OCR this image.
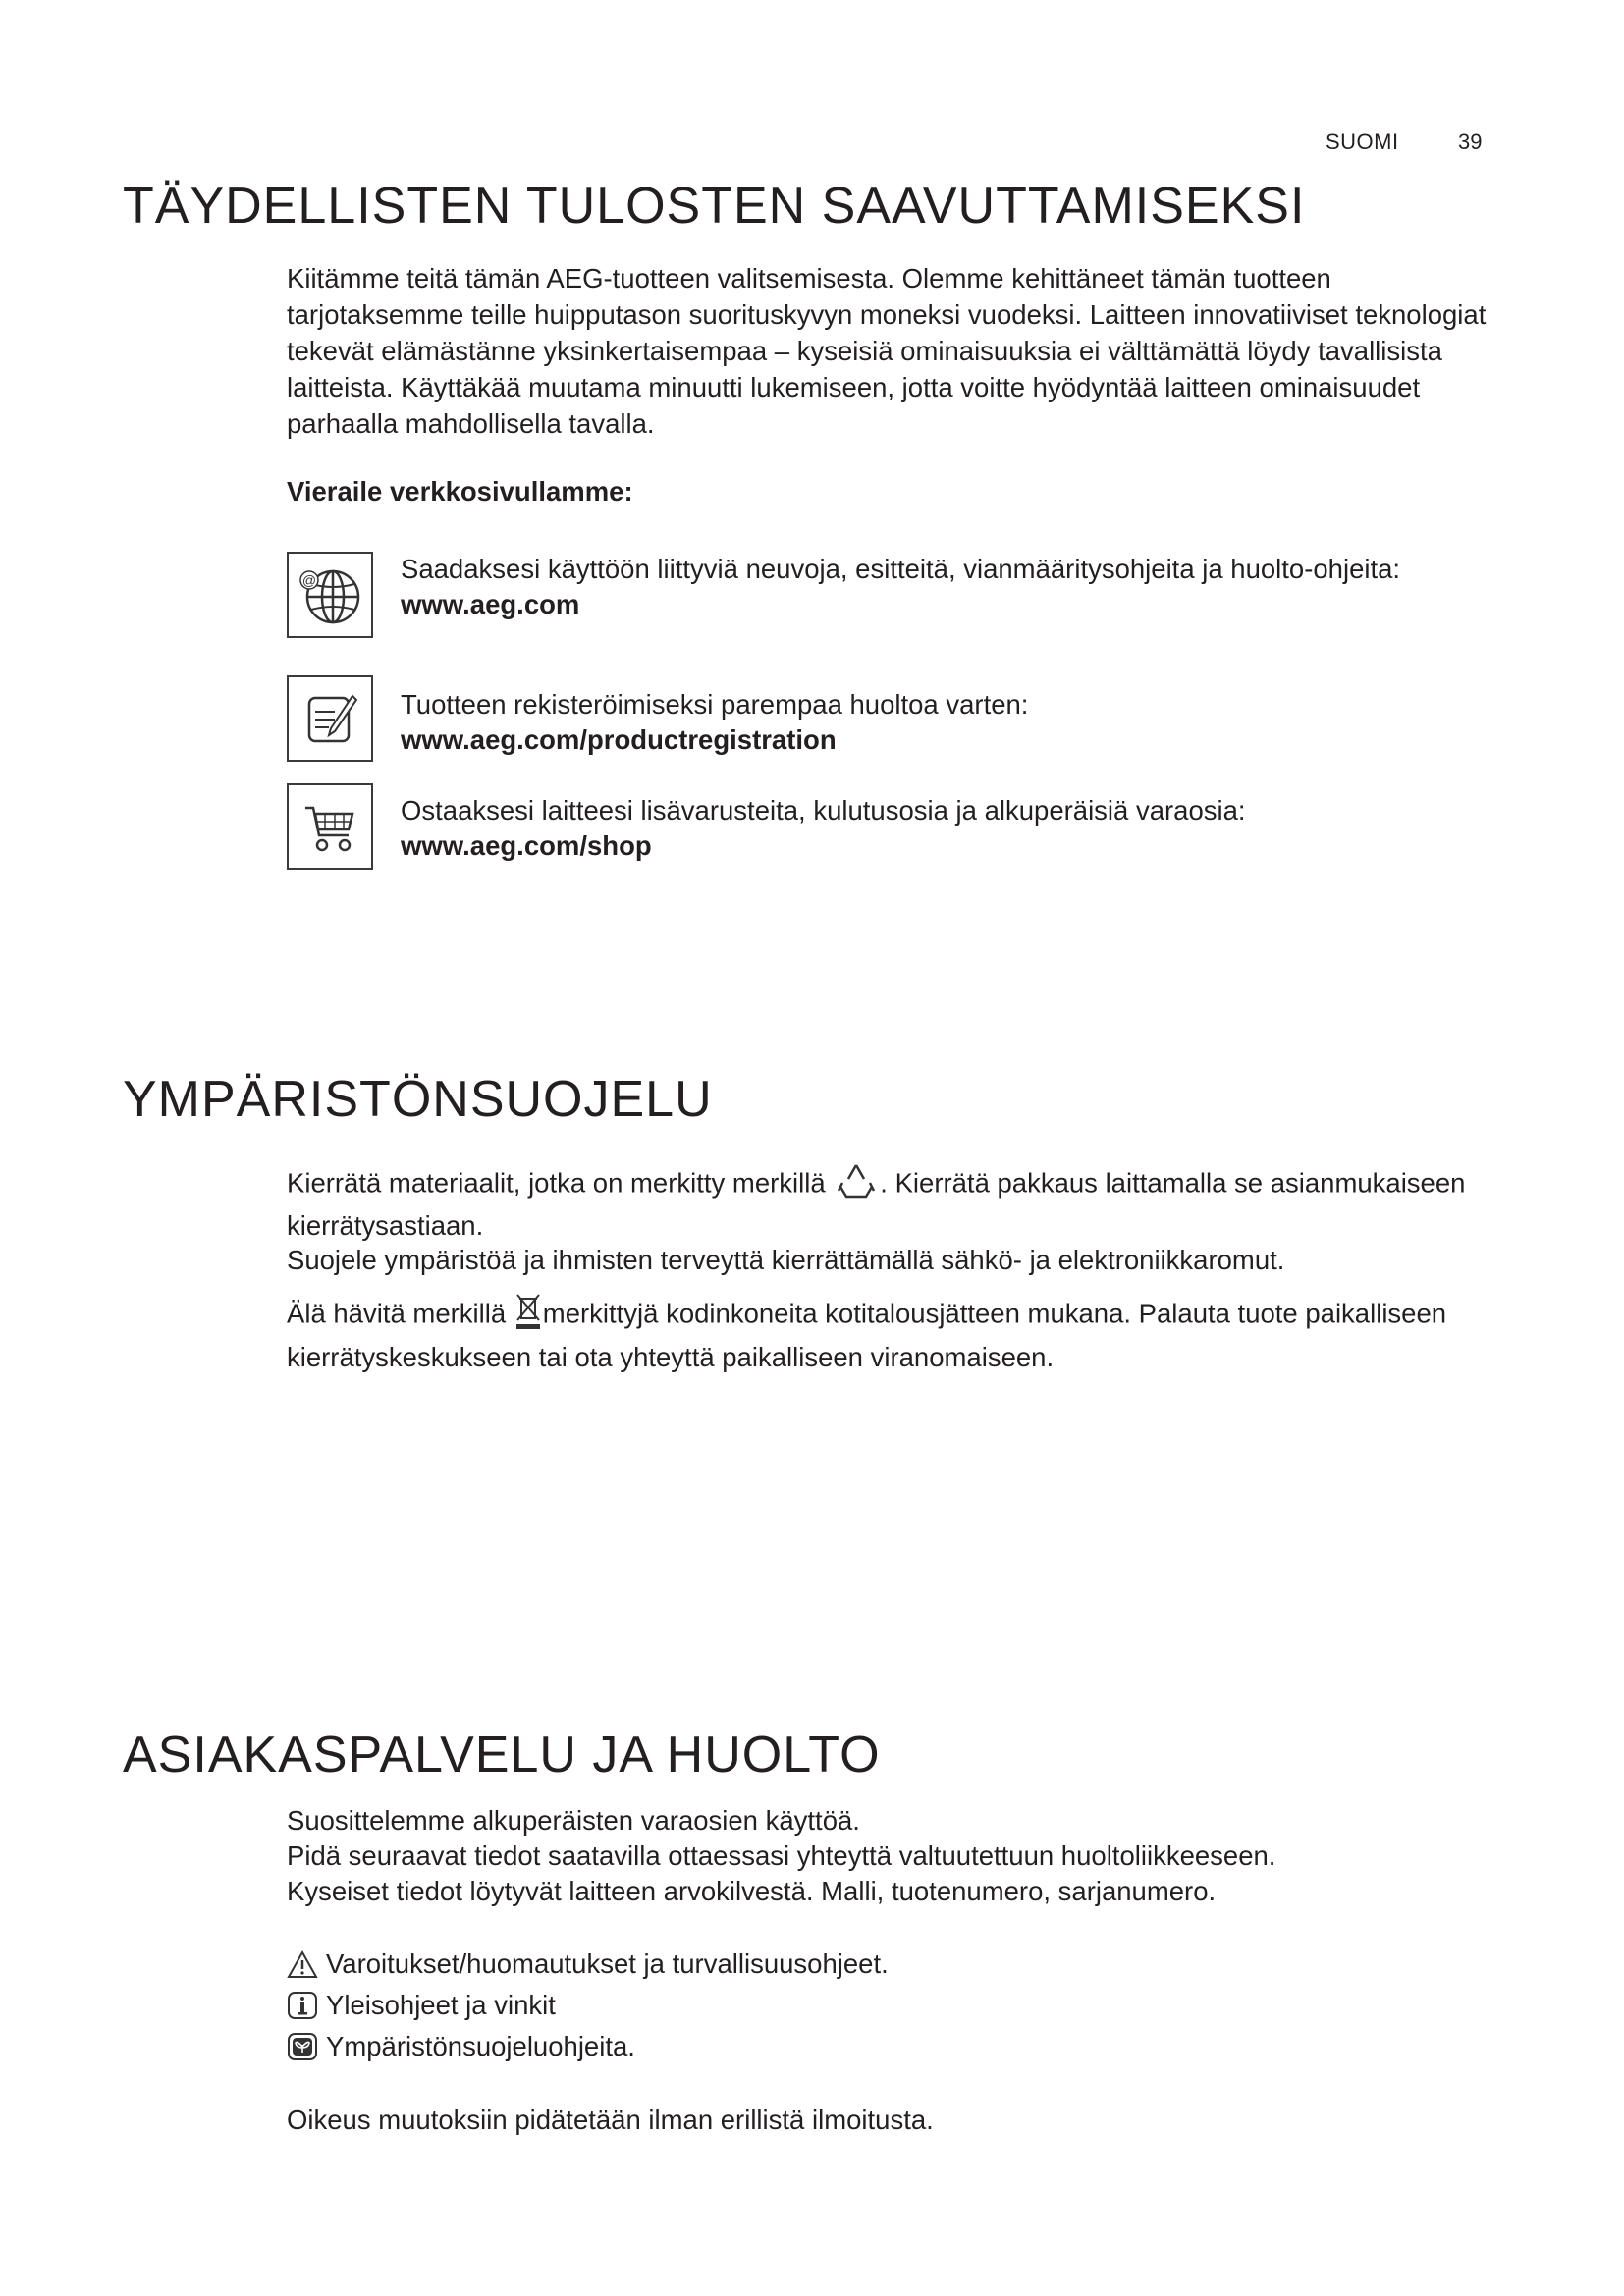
SUOMI	39
TÄYDELLISTEN TULOSTEN SAAVUTTAMISEKSI

Kiitämme teitä tämän AEG-tuotteen valitsemisesta. Olemme kehittäneet tämän tuotteen tarjotaksemme teille huipputason suorituskyvyn moneksi vuodeksi. Laitteen innovatiiviset teknologiat tekevät elämästänne yksinkertaisempaa – kyseisiä ominaisuuksia ei välttämättä löydy tavallisista laitteista. Käyttäkää muutama minuutti lukemiseen, jotta voitte hyödyntää laitteen ominaisuudet parhaalla mahdollisella tavalla.

Vieraile verkkosivullamme:
@	Saadaksesi käyttöön liittyviä neuvoja, esitteitä, vianmääritysohjeita ja huolto-ohjeita:
www.aeg.com
Tuotteen rekisteröimiseksi parempaa huoltoa varten:
www.aeg.com/productregistration
Ostaaksesi laitteesi lisävarusteita, kulutusosia ja alkuperäisiä varaosia:
www.aeg.com/shop
YMPÄRISTÖNSUOJELU

Kierrätä materiaalit, jotka on merkitty merkillä . Kierrätä pakkaus laittamalla se asianmukaiseen kierrätysastiaan.

Suojele ympäristöä ja ihmisten terveyttä kierrättämällä sähkö- ja elektroniikkaromut.

Älä hävitä merkillä merkittyjä kodinkoneita kotitalousjätteen mukana. Palauta tuote paikalliseen kierrätyskeskukseen tai ota yhteyttä paikalliseen viranomaiseen.

ASIAKASPALVELU JA HUOLTO

Suosittelemme alkuperäisten varaosien käyttöä.

Pidä seuraavat tiedot saatavilla ottaessasi yhteyttä valtuutettuun huoltoliikkeeseen.

Kyseiset tiedot löytyvät laitteen arvokilvestä. Malli, tuotenumero, sarjanumero.

Varoitukset/huomautukset ja turvallisuusohjeet.
Yleisohjeet ja vinkit
Ympäristönsuojeluohjeita.
Oikeus muutoksiin pidätetään ilman erillistä ilmoitusta.
